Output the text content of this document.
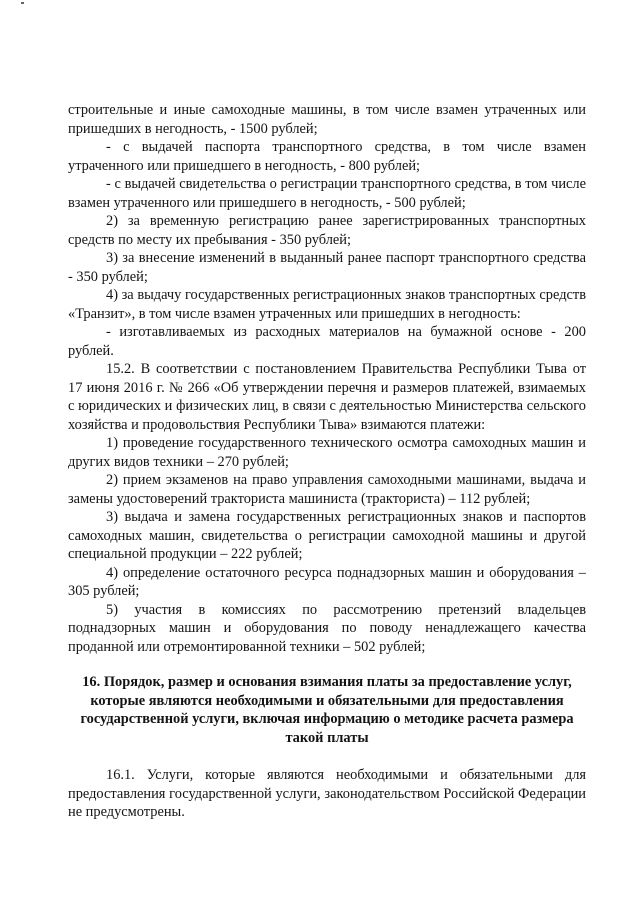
строительные и иные самоходные машины, в том числе взамен утраченных или пришедших в негодность, - 1500 рублей;

- с выдачей паспорта транспортного средства, в том числе взамен утраченного или пришедшего в негодность, - 800 рублей;

- с выдачей свидетельства о регистрации транспортного средства, в том числе взамен утраченного или пришедшего в негодность, - 500 рублей;

2) за временную регистрацию ранее зарегистрированных транспортных средств по месту их пребывания - 350 рублей;

3) за внесение изменений в выданный ранее паспорт транспортного средства - 350 рублей;

4) за выдачу государственных регистрационных знаков транспортных средств «Транзит», в том числе взамен утраченных или пришедших в негодность:

- изготавливаемых из расходных материалов на бумажной основе - 200 рублей.

15.2. В соответствии с постановлением Правительства Республики Тыва от 17 июня 2016 г. № 266 «Об утверждении перечня и размеров платежей, взимаемых с юридических и физических лиц, в связи с деятельностью Министерства сельского хозяйства и продовольствия Республики Тыва» взимаются платежи:

1) проведение государственного технического осмотра самоходных машин и других видов техники – 270 рублей;

2) прием экзаменов на право управления самоходными машинами, выдача и замены удостоверений тракториста машиниста (тракториста) – 112 рублей;

3) выдача и замена государственных регистрационных знаков и паспортов самоходных машин, свидетельства о регистрации самоходной машины и другой специальной продукции – 222 рублей;

4) определение остаточного ресурса поднадзорных машин и оборудования – 305 рублей;

5) участия в комиссиях по рассмотрению претензий владельцев поднадзорных машин и оборудования по поводу ненадлежащего качества проданной или отремонтированной техники – 502 рублей;

16. Порядок, размер и основания взимания платы за предоставление услуг, которые являются необходимыми и обязательными для предоставления государственной услуги, включая информацию о методике расчета размера такой платы

16.1. Услуги, которые являются необходимыми и обязательными для предоставления государственной услуги, законодательством Российской Федерации не предусмотрены.
